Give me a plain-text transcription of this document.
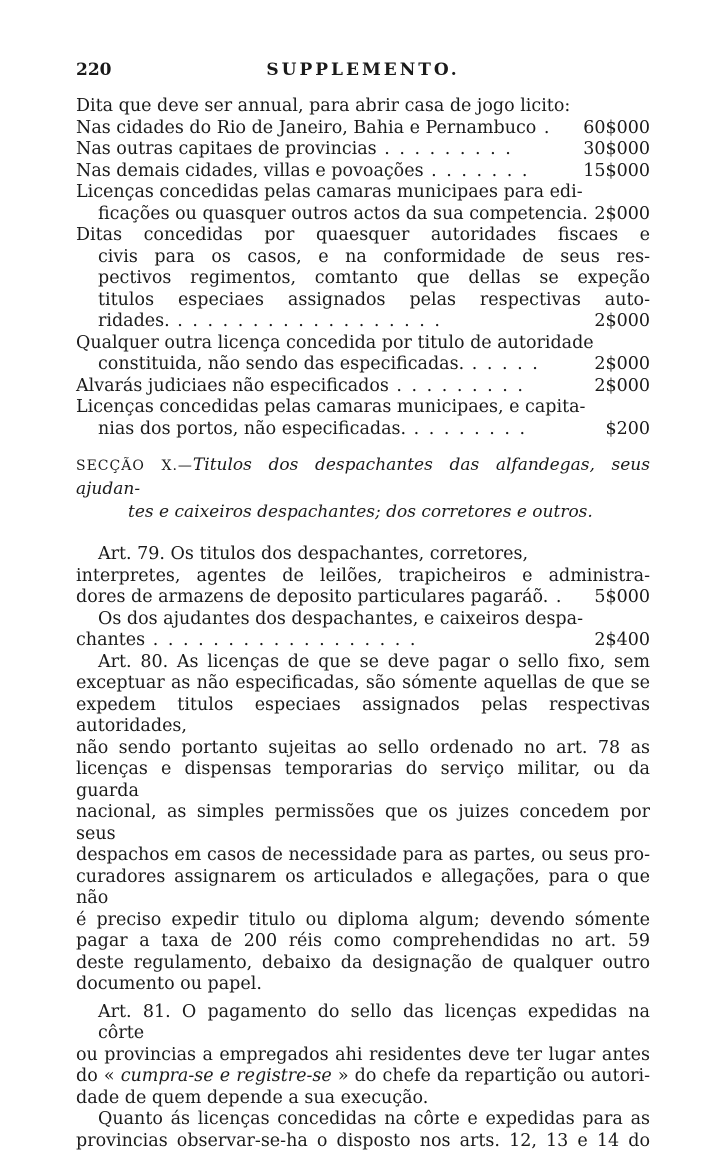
220	SUPPLEMENTO.
Dita que deve ser annual, para abrir casa de jogo licito:
Nas cidades do Rio de Janeiro, Bahia e Pernambuco . 60$000
Nas outras capitaes de provincias . . . . . . . . .	30$000
Nas demais cidades, villas e povoações . . . . . . .	15$000
Licenças concedidas pelas camaras municipaes para edi-
ficações ou quasquer outros actos da sua competencia. 2$000
Ditas concedidas por quaesquer autoridades fiscaes e
civis para os casos, e na conformidade de seus res-
pectivos regimentos, comtanto que dellas se expeção
titulos especiaes assignados pelas respectivas auto-
ridades. . . . . . . . . . . . . . . . . . .	2$000
Qualquer outra licença concedida por titulo de autoridade
constituida, não sendo das especificadas. . . . . .	2$000
Alvarás judiciaes não especificados . . . . . . . . .	2$000
Licenças concedidas pelas camaras municipaes, e capita-
nias dos portos, não especificadas. . . . . . . . .	$200
SECÇÃO X.—Titulos dos despachantes das alfandegas, seus ajudan-
tes e caixeiros despachantes; dos corretores e outros.
Art. 79. Os titulos dos despachantes, corretores,
interpretes, agentes de leilões, trapicheiros e administra-
dores de armazens de deposito particulares pagaráõ. . 5$000
Os dos ajudantes dos despachantes, e caixeiros despa-
chantes . . . . . . . . . . . . . . . . . .	2$400
Art. 80. As licenças de que se deve pagar o sello fixo, sem
exceptuar as não especificadas, são sómente aquellas de que se
expedem titulos especiaes assignados pelas respectivas autoridades,
não sendo portanto sujeitas ao sello ordenado no art. 78 as
licenças e dispensas temporarias do serviço militar, ou da guarda
nacional, as simples permissões que os juizes concedem por seus
despachos em casos de necessidade para as partes, ou seus pro-
curadores assignarem os articulados e allegações, para o que não
é preciso expedir titulo ou diploma algum; devendo sómente
pagar a taxa de 200 réis como comprehendidas no art. 59
deste regulamento, debaixo da designação de qualquer outro
documento ou papel.
Art. 81. O pagamento do sello das licenças expedidas na côrte
ou provincias a empregados ahi residentes deve ter lugar antes
do « cumpra-se e registre-se » do chefe da repartição ou autori-
dade de quem depende a sua execução.
Quanto ás licenças concedidas na côrte e expedidas para as
provincias observar-se-ha o disposto nos arts. 12, 13 e 14 do
